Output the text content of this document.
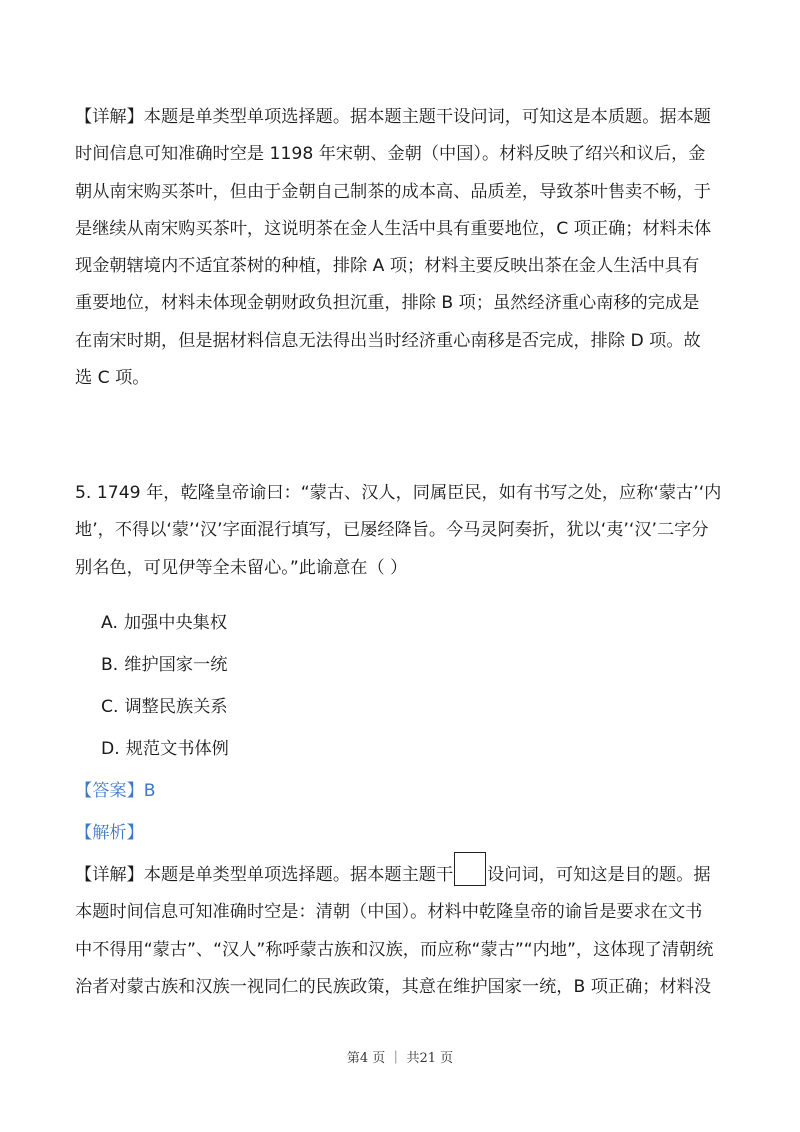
【详解】本题是单类型单项选择题。据本题主题干设问词，可知这是本质题。据本题
时间信息可知准确时空是 1198 年宋朝、金朝（中国）。材料反映了绍兴和议后，金
朝从南宋购买茶叶，但由于金朝自己制茶的成本高、品质差，导致茶叶售卖不畅，于
是继续从南宋购买茶叶，这说明茶在金人生活中具有重要地位，C 项正确；材料未体
现金朝辖境内不适宜茶树的种植，排除 A 项；材料主要反映出茶在金人生活中具有
重要地位，材料未体现金朝财政负担沉重，排除 B 项；虽然经济重心南移的完成是
在南宋时期，但是据材料信息无法得出当时经济重心南移是否完成，排除 D 项。故
选 C 项。
5. 1749 年，乾隆皇帝谕曰：“蒙古、汉人，同属臣民，如有书写之处，应称‘蒙古’‘内
地’，不得以‘蒙’‘汉’字面混行填写，已屡经降旨。今马灵阿奏折，犹以‘夷’‘汉’二字分
别名色，可见伊等全未留心。”此谕意在（ ）
A. 加强中央集权
B. 维护国家一统
C. 调整民族关系
D. 规范文书体例
【答案】B
【解析】
【详解】本题是单类型单项选择题。据本题主题干 设问词，可知这是目的题。据
本题时间信息可知准确时空是：清朝（中国）。材料中乾隆皇帝的谕旨是要求在文书
中不得用“蒙古”、“汉人”称呼蒙古族和汉族，而应称“蒙古”“内地”，这体现了清朝统
治者对蒙古族和汉族一视同仁的民族政策，其意在维护国家一统，B 项正确；材料没
第4 页 ｜ 共21 页
